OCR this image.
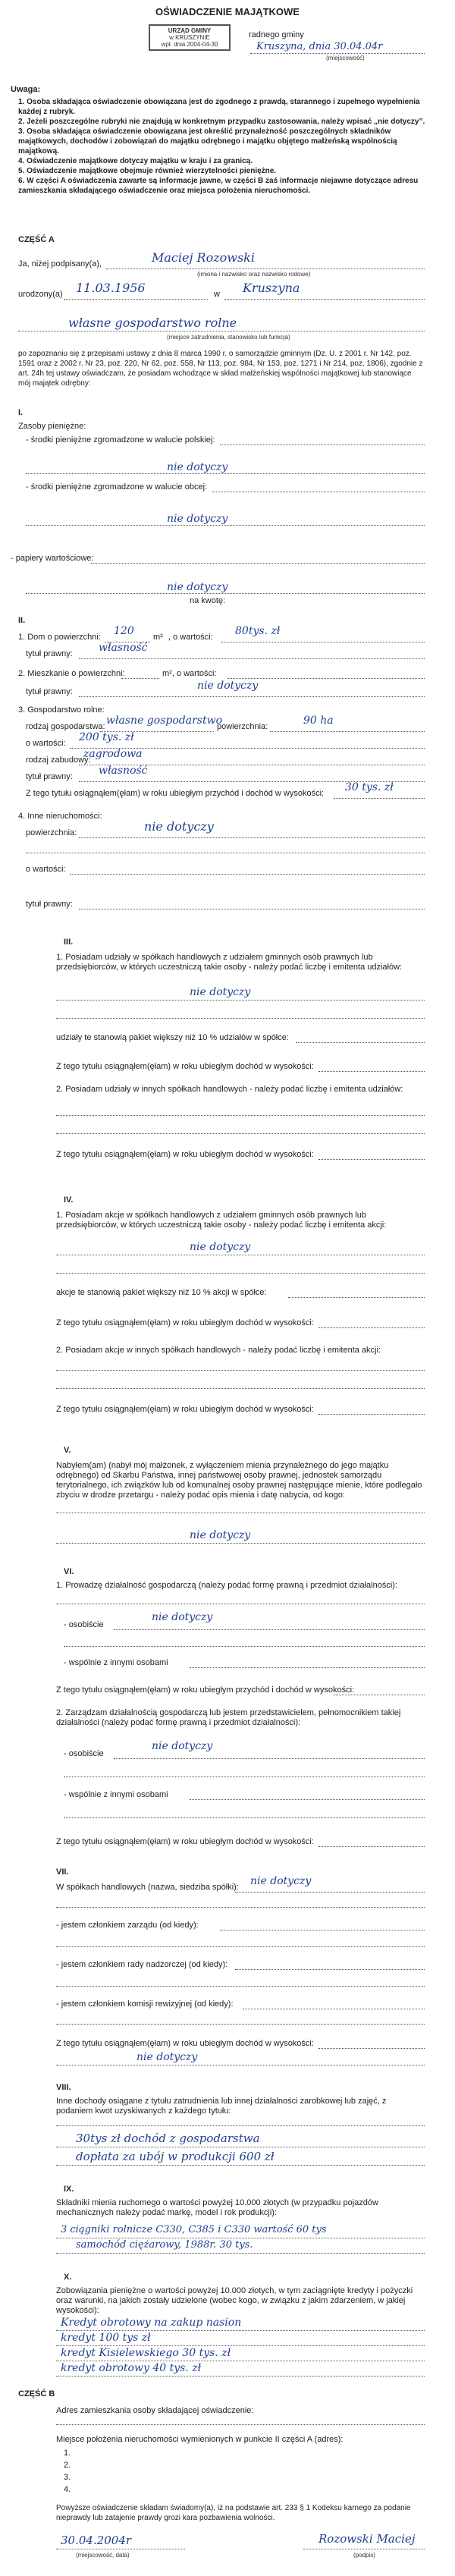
URZĄD GMINY
w KRUSZYNIE
wpł. dnia 2004-04-30
OŚWIADCZENIE MAJĄTKOWE
radnego gminy
Kruszyna, dnia 30.04.04r
(miejscowość)
Uwaga:
1. Osoba składająca oświadczenie obowiązana jest do zgodnego z prawdą, starannego i zupełnego wypełnienia każdej z rubryk.
2. Jeżeli poszczególne rubryki nie znajdują w konkretnym przypadku zastosowania, należy wpisać „nie dotyczy”.
3. Osoba składająca oświadczenie obowiązana jest określić przynależność poszczególnych składników majątkowych, dochodów i zobowiązań do majątku odrębnego i majątku objętego małżeńską wspólnością majątkową.
4. Oświadczenie majątkowe dotyczy majątku w kraju i za granicą.
5. Oświadczenie majątkowe obejmuje również wierzytelności pieniężne.
6. W części A oświadczenia zawarte są informacje jawne, w części B zaś informacje niejawne dotyczące adresu zamieszkania składającego oświadczenie oraz miejsca położenia nieruchomości.
CZĘŚĆ A
Ja, niżej podpisany(a),	Maciej Rozowski
(imiona i nazwisko oraz nazwisko rodowe)
urodzony(a) 11.03.1956	w Kruszyna
własne gospodarstwo rolne
(miejsce zatrudnienia, stanowisko lub funkcja)
po zapoznaniu się z przepisami ustawy z dnia 8 marca 1990 r. o samorządzie gminnym (Dz. U. z 2001 r. Nr 142, poz. 1591 oraz z 2002 r. Nr 23, poz. 220, Nr 62, poz. 558, Nr 113, poz. 984, Nr 153, poz. 1271 i Nr 214, poz. 1806), zgodnie z art. 24h tej ustawy oświadczam, że posiadam wchodzące w skład małżeńskiej wspólności majątkowej lub stanowiące mój majątek odrębny:
I.
Zasoby pieniężne:
- środki pieniężne zgromadzone w walucie polskiej:
nie dotyczy
- środki pieniężne zgromadzone w walucie obcej:
nie dotyczy
- papiery wartościowe:
nie dotyczy
na kwotę:
II.
1. Dom o powierzchni: 120 m² , o wartości: 80tys. zł
tytuł prawny: własność
2. Mieszkanie o powierzchni:	m², o wartości:
tytuł prawny:	nie dotyczy
3. Gospodarstwo rolne:
rodzaj gospodarstwa: własne gospodarstwo
powierzchnia:	90 ha
o wartości: 200 tys. zł
rodzaj zabudowy:
zagrodowa
tytuł prawny: własność
Z tego tytułu osiągnąłem(ęłam) w roku ubiegłym przychód i dochód w wysokości: 30 tys. zł
4. Inne nieruchomości:
powierzchnia:	nie dotyczy
o wartości:
tytuł prawny:
III.
1. Posiadam udziały w spółkach handlowych z udziałem gminnych osób prawnych lub przedsiębiorców, w których uczestniczą takie osoby - należy podać liczbę i emitenta udziałów:
nie dotyczy
udziały te stanowią pakiet większy niż 10 % udziałów w spółce:
Z tego tytułu osiągnąłem(ęłam) w roku ubiegłym dochód w wysokości:
2. Posiadam udziały w innych spółkach handlowych - należy podać liczbę i emitenta udziałów:
Z tego tytułu osiągnąłem(ęłam) w roku ubiegłym dochód w wysokości:
IV.
1. Posiadam akcje w spółkach handlowych z udziałem gminnych osób prawnych lub przedsiębiorców, w których uczestniczą takie osoby - należy podać liczbę i emitenta akcji:
nie dotyczy
akcje te stanowią pakiet większy niż 10 % akcji w spółce:
Z tego tytułu osiągnąłem(ęłam) w roku ubiegłym dochód w wysokości:
2. Posiadam akcje w innych spółkach handlowych - należy podać liczbę i emitenta akcji:
Z tego tytułu osiągnąłem(ęłam) w roku ubiegłym dochód w wysokości:
V.
Nabyłem(am) (nabył mój małżonek, z wyłączeniem mienia przynależnego do jego majątku odrębnego) od Skarbu Państwa, innej państwowej osoby prawnej, jednostek samorządu terytorialnego, ich związków lub od komunalnej osoby prawnej następujące mienie, które podlegało zbyciu w drodze przetargu - należy podać opis mienia i datę nabycia, od kogo:
nie dotyczy
VI.
1. Prowadzę działalność gospodarczą (należy podać formę prawną i przedmiot działalności):
- osobiście
nie dotyczy
- wspólnie z innymi osobami
Z tego tytułu osiągnąłem(ęłam) w roku ubiegłym przychód i dochód w wysokości:
2. Zarządzam działalnością gospodarczą lub jestem przedstawicielem, pełnomocnikiem takiej działalności (należy podać formę prawną i przedmiot działalności):
- osobiście
nie dotyczy
- wspólnie z innymi osobami
Z tego tytułu osiągnąłem(ęłam) w roku ubiegłym dochód w wysokości:
VII.
W spółkach handlowych (nazwa, siedziba spółki): nie dotyczy
- jestem członkiem zarządu (od kiedy):
- jestem członkiem rady nadzorczej (od kiedy):
- jestem członkiem komisji rewizyjnej (od kiedy):
Z tego tytułu osiągnąłem(ęłam) w roku ubiegłym dochód w wysokości:
nie dotyczy
VIII.
Inne dochody osiągane z tytułu zatrudnienia lub innej działalności zarobkowej lub zajęć, z podaniem kwot uzyskiwanych z każdego tytułu:
30tys zł dochód z gospodarstwa
dopłata za ubój w produkcji 600 zł
IX.
Składniki mienia ruchomego o wartości powyżej 10.000 złotych (w przypadku pojazdów mechanicznych należy podać markę, model i rok produkcji):
3 ciągniki rolnicze C330, C385 i C330 wartość 60 tys
samochód ciężarowy, 1988r. 30 tys.
X.
Zobowiązania pieniężne o wartości powyżej 10.000 złotych, w tym zaciągnięte kredyty i pożyczki oraz warunki, na jakich zostały udzielone (wobec kogo, w związku z jakim zdarzeniem, w jakiej wysokości):
Kredyt obrotowy na zakup nasion
kredyt 100 tys zł
kredyt Kisielewskiego 30 tys. zł
kredyt obrotowy 40 tys. zł
CZĘŚĆ B
Adres zamieszkania osoby składającej oświadczenie:
Miejsce położenia nieruchomości wymienionych w punkcie II części A (adres):
1.
2.
3.
4.
Powyższe oświadczenie składam świadomy(a), iż na podstawie art. 233 § 1 Kodeksu karnego za podanie nieprawdy lub zatajenie prawdy grozi kara pozbawienia wolności.
30.04.2004r
(miejscowość, data)
Rozowski Maciej
(podpis)
